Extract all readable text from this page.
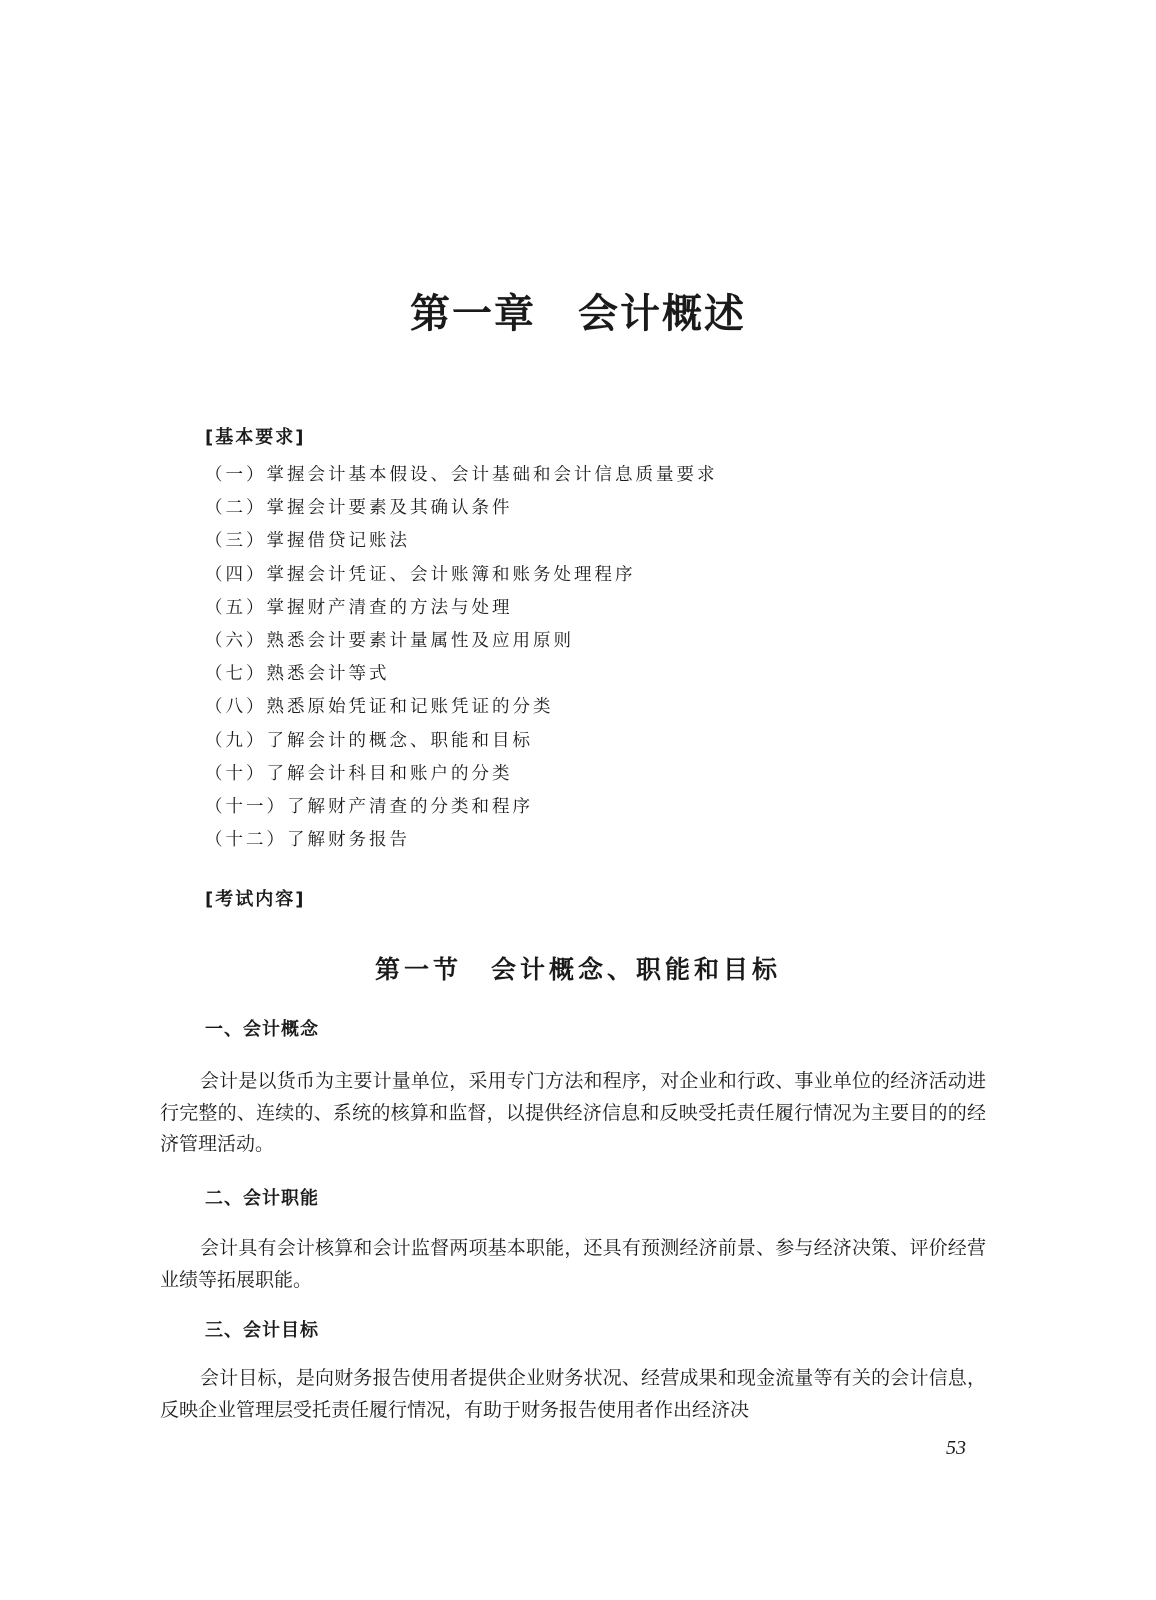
第一章　会计概述
[基本要求]
（一）掌握会计基本假设、会计基础和会计信息质量要求
（二）掌握会计要素及其确认条件
（三）掌握借贷记账法
（四）掌握会计凭证、会计账簿和账务处理程序
（五）掌握财产清查的方法与处理
（六）熟悉会计要素计量属性及应用原则
（七）熟悉会计等式
（八）熟悉原始凭证和记账凭证的分类
（九）了解会计的概念、职能和目标
（十）了解会计科目和账户的分类
（十一）了解财产清查的分类和程序
（十二）了解财务报告
[考试内容]
第一节　会计概念、职能和目标
一、会计概念

会计是以货币为主要计量单位，采用专门方法和程序，对企业和行政、事业单位的经济活动进行完整的、连续的、系统的核算和监督，以提供经济信息和反映受托责任履行情况为主要目的的经济管理活动。

二、会计职能

会计具有会计核算和会计监督两项基本职能，还具有预测经济前景、参与经济决策、评价经营业绩等拓展职能。

三、会计目标

会计目标，是向财务报告使用者提供企业财务状况、经营成果和现金流量等有关的会计信息，反映企业管理层受托责任履行情况，有助于财务报告使用者作出经济决

53
